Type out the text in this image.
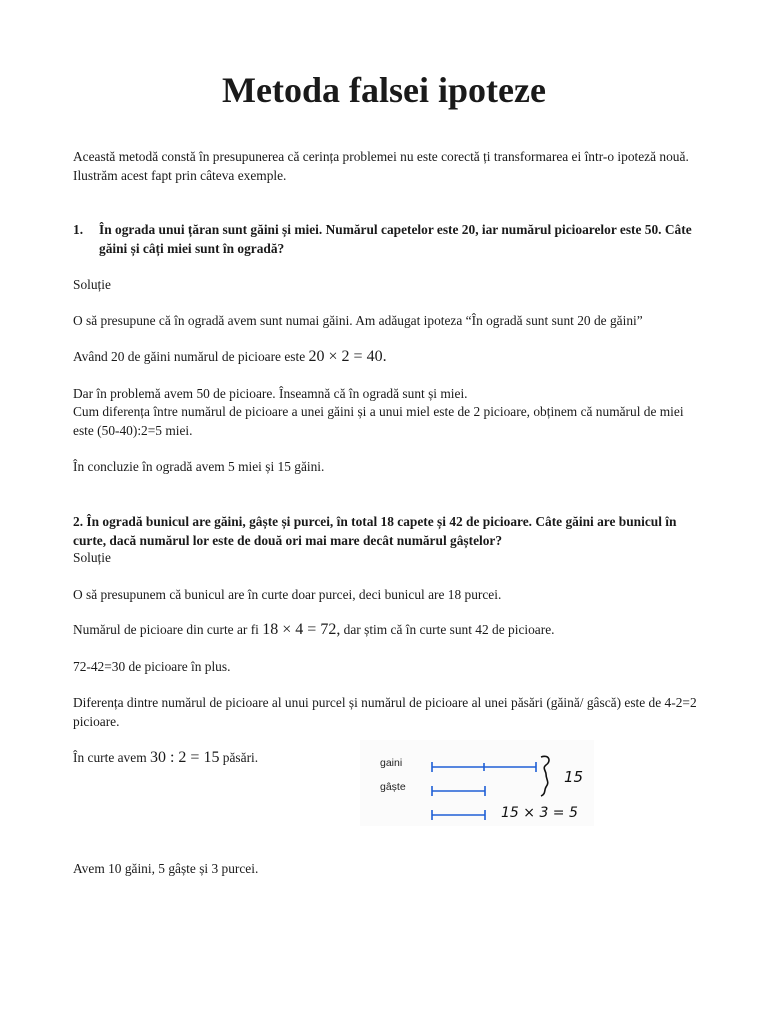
Metoda falsei ipoteze

Această metodă constă în presupunerea că cerința problemei nu este corectă ți transformarea ei într-o ipoteză nouă. Ilustrăm acest fapt prin câteva exemple.

1. În ograda unui țăran sunt găini și miei. Numărul capetelor este 20, iar numărul picioarelor este 50. Câte găini și câți miei sunt în ogradă?

Soluție

O să presupune că în ogradă avem sunt numai găini. Am adăugat ipoteza “În ogradă sunt sunt 20 de găini”

Având 20 de găini numărul de picioare este 20 × 2 = 40.

Dar în problemă avem 50 de picioare. Înseamnă că în ogradă sunt și miei.

Cum diferența între numărul de picioare a unei găini și a unui miel este de 2 picioare, obținem că numărul de miei este (50-40):2=5 miei.

În concluzie în ogradă avem 5 miei și 15 găini.

2. În ogradă bunicul are găini, gâște și purcei, în total 18 capete și 42 de picioare. Câte găini are bunicul în curte, dacă numărul lor este de două ori mai mare decât numărul gâștelor?

Soluție

O să presupunem că bunicul are în curte doar purcei, deci bunicul are 18 purcei.

Numărul de picioare din curte ar fi 18 × 4 = 72, dar știm că în curte sunt 42 de picioare.

72-42=30 de picioare în plus.

Diferența dintre numărul de picioare al unui purcel și numărul de picioare al unei păsări (găină/ gâscă) este de 4-2=2 picioare.

În curte avem 30 : 2 = 15 păsări.	gaini
gâște
15
15 × 3 = 5

Avem 10 găini, 5 gâște și 3 purcei.
